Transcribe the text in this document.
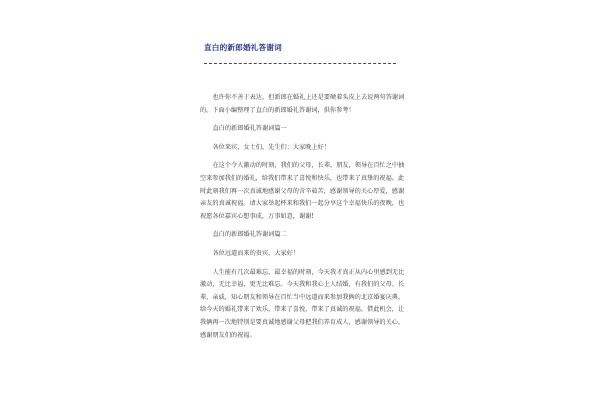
直白的新郎婚礼答谢词

也许你不善于表达，但新郎在婚礼上还是要硬着头皮上去说两句答谢词的。下面小编整理了直白的新郎婚礼答谢词，供你参考！

直白的新郎婚礼答谢词篇一

各位来宾，女士们，先生们：大家晚上好！

在这个令人激动的时刻，我们的父母，长辈，朋友，领导在百忙之中抽空来参加我们的婚礼，给我们带来了喜悦和快乐，也带来了真挚的祝福。此时此刻我们再一次真诚地感谢父母的含辛茹苦，感谢领导的关心厚爱，感谢亲友的真诚祝福。请大家举起杯来和我们一起分享这个幸福快乐的夜晚，也祝愿各位嘉宾心想事成，万事如意，谢谢!

直白的新郎婚礼答谢词篇二

各位远道而来的贵宾，大家好！

人生能有几次最难忘，最幸福的时刻，今天我才真正从内心里感到无比激动，无比幸福，更无比难忘。今天我和我心上人结婚，有我们的父母、长辈、亲戚，知心朋友和领导在百忙当中远道而来参加我俩的北京婚宴庆典，给今天的婚礼带来了欢乐，带来了喜悦，带来了真诚的祝福。借此机会，让我俩再一次地特别是要真诚地感谢父母把我们养育成人，感谢领导的关心，感谢朋友们的祝福。
